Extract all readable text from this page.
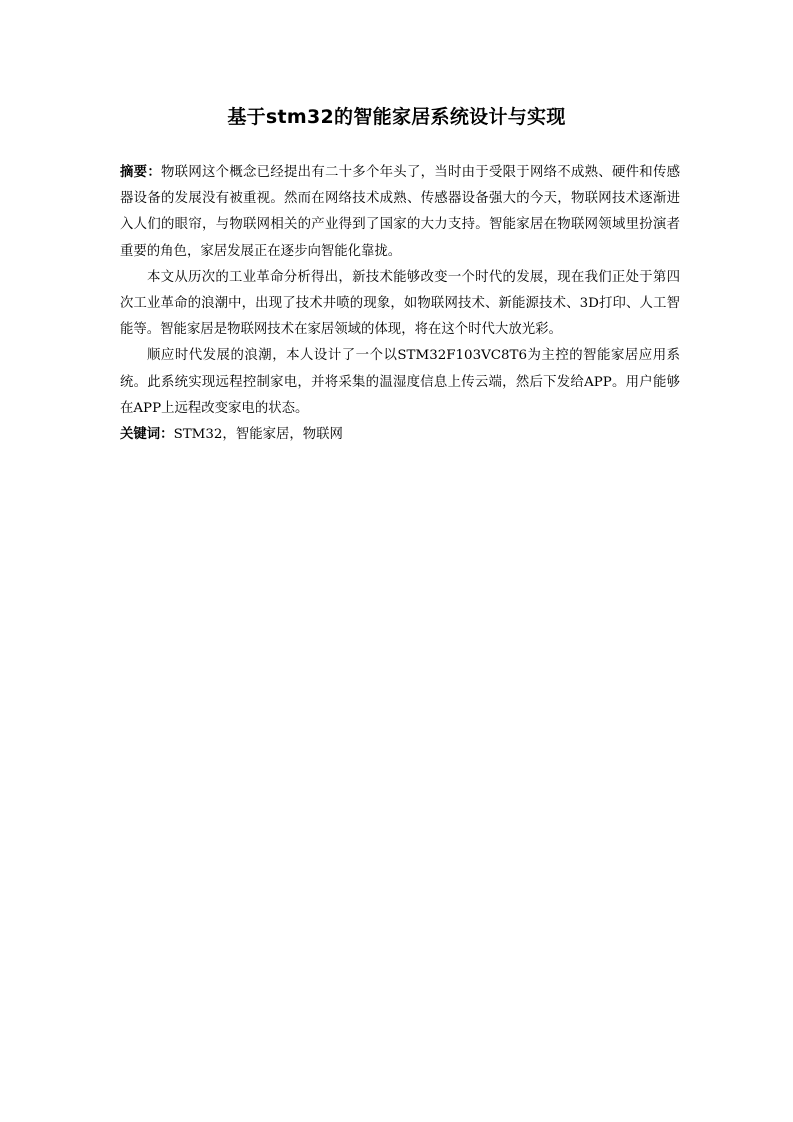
基于stm32的智能家居系统设计与实现

摘要：物联网这个概念已经提出有二十多个年头了，当时由于受限于网络不成熟、硬件和传感器设备的发展没有被重视。然而在网络技术成熟、传感器设备强大的今天，物联网技术逐渐进入人们的眼帘，与物联网相关的产业得到了国家的大力支持。智能家居在物联网领域里扮演者重要的角色，家居发展正在逐步向智能化靠拢。

本文从历次的工业革命分析得出，新技术能够改变一个时代的发展，现在我们正处于第四次工业革命的浪潮中，出现了技术井喷的现象，如物联网技术、新能源技术、3D打印、人工智能等。智能家居是物联网技术在家居领域的体现，将在这个时代大放光彩。

顺应时代发展的浪潮，本人设计了一个以STM32F103VC8T6为主控的智能家居应用系统。此系统实现远程控制家电，并将采集的温湿度信息上传云端，然后下发给APP。用户能够在APP上远程改变家电的状态。

关键词：STM32，智能家居，物联网
